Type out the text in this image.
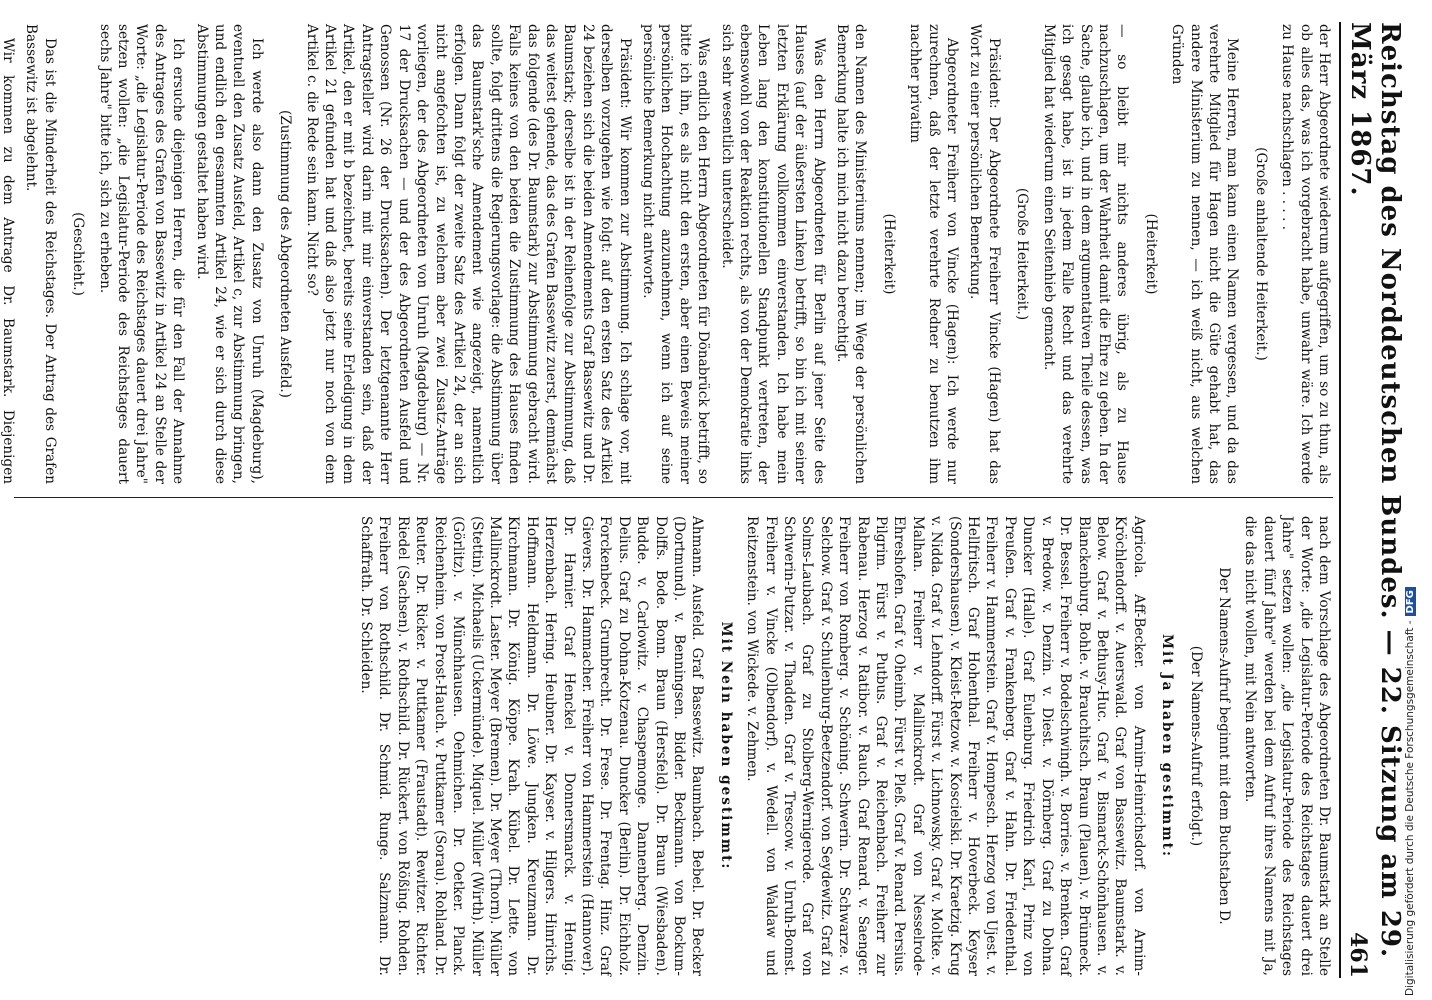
Reichstag des Norddeutschen Bundes. — 22. Sitzung am 29. März 1867.
461

der Herr Abgeordnete wiederum aufgegriffen, um so zu thun, als ob alles das, was ich vorgebracht habe, unwahr wäre. Ich werde zu Hause nachschlagen . . . . .

(Große anhaltende Heiterkeit.)

Meine Herren, man kann einen Namen vergessen, und da das verehrte Mitglied für Hagen nicht die Güte gehabt hat, das andere Ministerium zu nennen, — ich weiß nicht, aus welchen Gründen

(Heiterkeit)

— so bleibt mir nichts anderes übrig, als zu Hause nachzuschlagen, um der Wahrheit damit die Ehre zu geben. In der Sache, glaube ich, und in dem argumentativen Theile dessen, was ich gesagt habe, ist in jedem Falle Recht und das verehrte Mitglied hat wiederum einen Seitenhieb gemacht.

(Große Heiterkeit.)

Präsident: Der Abgeordnete Freiherr Vincke (Hagen) hat das Wort zu einer persönlichen Bemerkung.

Abgeordneter Freiherr von Vincke (Hagen): Ich werde nur zurechnen, daß der letzte verehrte Redner zu benutzen ihm nachher privatim

(Heiterkeit)

den Namen des Ministeriums nennen; im Wege der persönlichen Bemerkung halte ich mich nicht dazu berechtigt.

Was den Herrn Abgeordneten für Berlin auf jener Seite des Hauses (auf der äußersten Linken) betrifft, so bin ich mit seiner letzten Erklärung vollkommen einverstanden. Ich habe mein Leben lang den konstitutionellen Standpunkt vertreten, der ebensowohl von der Reaktion rechts, als von der Demokratie links sich sehr wesentlich unterscheidet.

Was endlich den Herrn Abgeordneten für Dönabrück betrifft, so bitte ich ihn, es als nicht den ersten, aber einen Beweis meiner persönlichen Hochachtung anzunehmen, wenn ich auf seine persönliche Bemerkung nicht antworte.

Präsident: Wir kommen zur Abstimmung. Ich schlage vor, mit derselben vorzugehen wie folgt: auf den ersten Satz des Artikel 24 beziehen sich die beiden Amendements Graf Bassewitz und Dr. Baumstark; derselbe ist in der Reihenfolge zur Abstimmung, daß das weitest gehende, das des Grafen Bassewitz zuerst, demnächst das folgende (des Dr. Baumstark) zur Abstimmung gebracht wird. Falls keines von den beiden die Zustimmung des Hauses finden sollte, folgt drittens die Regierungsvorlage: die Abstimmung über das Baumstark'sche Amendement wie angezeigt, namentlich erfolgen. Dann folgt der zweite Satz des Artikel 24, der an sich nicht angefochten ist, zu welchem aber zwei Zusatz-Anträge vorliegen, der des Abgeordneten von Unruh (Magdeburg) — Nr. 17 der Drucksachen — und der des Abgeordneten Ausfeld und Genossen (Nr. 26 der Drucksachen). Der letztgenannte Herr Antragsteller wird darin mit mir einverstanden sein, daß der Artikel, den er mit b bezeichnet, bereits seine Erledigung in dem Artikel 21 gefunden hat und daß also jetzt nur noch von dem Artikel c. die Rede sein kann. Nicht so?

(Zustimmung des Abgeordneten Ausfeld.)

Ich werde also dann den Zusatz von Unruh (Magdeburg), eventuell den Zusatz Ausfeld, Artikel c, zur Abstimmung bringen, und endlich den gesammten Artikel 24, wie er sich durch diese Abstimmungen gestaltet haben wird.

Ich ersuche diejenigen Herren, die für den Fall der Annahme des Antrages des Grafen von Bassewitz in Artikel 24 an Stelle der Worte: „die Legislatur-Periode des Reichstages dauert drei Jahre" setzen wollen: „die Legislatur-Periode des Reichstages dauert sechs Jahre" bitte ich, sich zu erheben.

(Geschieht.)

Das ist die Minderheit des Reichstages. Der Antrag des Grafen Bassewitz ist abgelehnt.

Wir kommen zu dem Antrage Dr. Baumstark. Diejenigen

nach dem Vorschlage des Abgeordneten Dr. Baumstark an Stelle der Worte: „die Legislatur-Periode des Reichstages dauert drei Jahre" setzen wollen: „die Legislatur-Periode des Reichstages dauert fünf Jahre" werden bei dem Aufruf ihres Namens mit Ja, die das nicht wollen, mit Nein antworten.

Der Namens-Aufruf beginnt mit dem Buchstaben D.

(Der Namens-Aufruf erfolgt.)

Mit Ja haben gestimmt:

Agricola. Aff-Becker. von Arnim-Heinrichsdorf. von Arnim-Kröchlendorff. v. Auerswald. Graf von Bassewitz. Baumstark. v. Below. Graf v. Bethusy-Huc. Graf v. Bismarck-Schönhausen. v. Blanckenburg. Bohle. v. Brauchitsch. Braun (Plauen). v. Brünneck. Dr. Bessel. Freiherr v. Bodelschwingh. v. Borries. v. Brenken. Graf v. Bredow. v. Denzin. v. Diest. v. Dörnberg. Graf zu Dohna. Duncker (Halle). Graf Eulenburg. Friedrich Karl, Prinz von Preußen. Graf v. Frankenberg. Graf v. Hahn. Dr. Friedenthal. Freiherr v. Hammerstein. Graf v. Hompesch. Herzog von Ujest. v. Hellfritsch. Graf Hohenthal. Freiherr v. Hoverbeck. Keyser (Sondershausen). v. Kleist-Retzow. v. Koscielski. Dr. Kraetzig. Krug v. Nidda. Graf v. Lehndorff. Fürst v. Lichnowsky. Graf v. Moltke. v. Malhan. Freiherr v. Mallinckrodt. Graf von Nesselrode-Ehreshofen. Graf v. Oheimb. Fürst v. Pleß. Graf v. Renard. Persius. Pilgrim. Fürst v. Putbus. Graf v. Reichenbach. Freiherr zur Rabenau. Herzog v. Ratibor. v. Rauch. Graf Renard. v. Saenger. Freiherr von Romberg. v. Schöning. Schwerin. Dr. Schwarze. v. Selchow. Graf v. Schulenburg-Beetzendorf. von Seydewitz. Graf zu Solms-Laubach. Graf zu Stolberg-Wernigerode. Graf von Schwerin-Putzar. v. Thadden. Graf v. Trescow. v. Unruh-Bomst. Freiherr v. Vincke (Olbendorf). v. Wedell. von Waldaw und Reitzenstein. von Wickede. v. Zehmen.

Mit Nein haben gestimmt:

Ahmann. Ausfeld. Graf Bassewitz. Baumbach. Bebel. Dr. Becker (Dortmund). v. Benningsen. Bidder. Beckmann. von Bockum-Dolffs. Bode. Bonn. Braun (Hersfeld). Dr. Braun (Wiesbaden). Budde. v. Carlowitz. v. Chaspemonge. Dannenberg. Denzin. Delius. Graf zu Dohna-Kotzenau. Duncker (Berlin). Dr. Eichholz. Forckenbeck. Grumbrecht. Dr. Frese. Dr. Frentag. Hinz. Graf Gievers. Dr. Hammacher. Freiherr von Hammerstein (Hannover). Dr. Harnier. Graf Henckel v. Donnersmarck. v. Hennig. Herzenbach. Hering. Heubner. Dr. Kayser. v. Hilgers. Hinrichs. Hoffmann. Heldmann. Dr. Löwe. Jungken. Kreuzmann. Dr. Kirchmann. Dr. König. Köppe. Krah. Kübel. Dr. Lette. von Mallinckrodt. Laster. Meyer (Bremen). Dr. Meyer (Thorn). Müller (Stettin). Michaelis (Uckermünde). Miquel. Müller (Wirth). Müller (Görlitz). v. Münchhausen. Oehmichen. Dr. Oetker. Planck. Reichenheim. von Prost-Hauch. v. Puttkamer (Sorau). Rohland. Dr. Reuter. Dr. Ricker. v. Puttkamer (Fraustadt). Rewitzer. Richter. Riedel (Sachsen). v. Rothschild. Dr. Rückert. von Rößing. Rohden. Freiherr von Rothschild. Dr. Schmid. Runge. Salzmann. Dr. Schaffrath. Dr. Schleiden.

Digitalisierung gefördert durch die Deutsche Forschungsgemeinschaft -DFG
